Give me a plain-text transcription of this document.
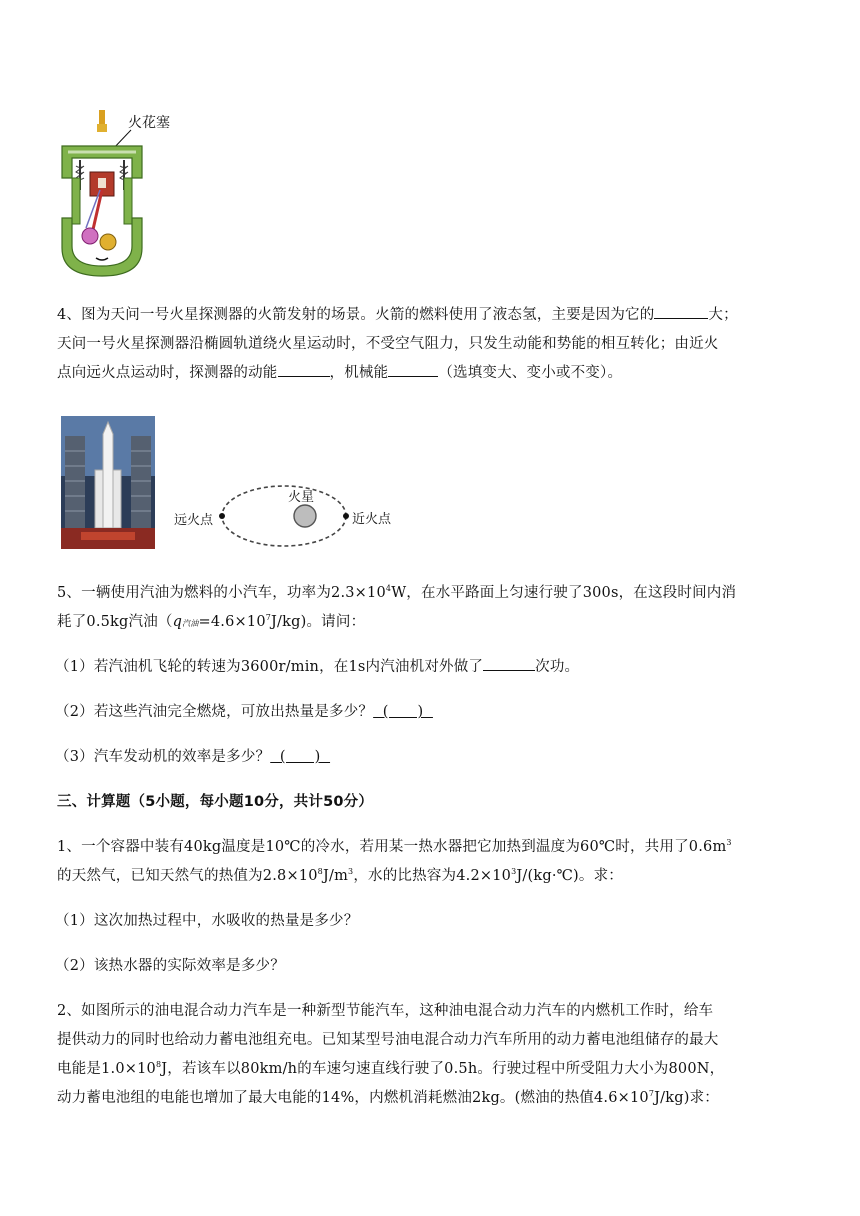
火花塞
4、图为天问一号火星探测器的火箭发射的场景。火箭的燃料使用了液态氢，主要是因为它的	大；
天问一号火星探测器沿椭圆轨道绕火星运动时，不受空气阻力，只发生动能和势能的相互转化；由近火
点向远火点运动时，探测器的动能	，机械能	（选填变大、变小或不变）。
远火点
火星
近火点
5、一辆使用汽油为燃料的小汽车，功率为$2.3\times 10^4W$，在水平路面上匀速行驶了300s，在这段时间内消
耗了0.5kg汽油（q汽油$=4.6\times 10^7J/kg$)。请问：
（1）若汽油机飞轮的转速为3600r/min，在1s内汽油机对外做了	次功。
（2）若这些汽油完全燃烧，可放出热量是多少？  (      )
（3）汽车发动机的效率是多少？  (      )
三、计算题（5小题，每小题10分，共计50分）
1、一个容器中装有40kg温度是10℃的冷水，若用某一热水器把它加热到温度为60℃时，共用了$0.6m^3$
的天然气，已知天然气的热值为$2.8\times 10^8J/m^3$，水的比热容为$4.2\times 10^3J/(kg\cdot℃)$。求：
（1）这次加热过程中，水吸收的热量是多少？
（2）该热水器的实际效率是多少？
2、如图所示的油电混合动力汽车是一种新型节能汽车，这种油电混合动力汽车的内燃机工作时，给车
提供动力的同时也给动力蓄电池组充电。已知某型号油电混合动力汽车所用的动力蓄电池组储存的最大
电能是$1.0\times 10^8J$，若该车以80km/h的车速匀速直线行驶了0.5h。行驶过程中所受阻力大小为800N，
动力蓄电池组的电能也增加了最大电能的14%，内燃机消耗燃油2kg。(燃油的热值$4.6\times 10^7J/kg$)求：
